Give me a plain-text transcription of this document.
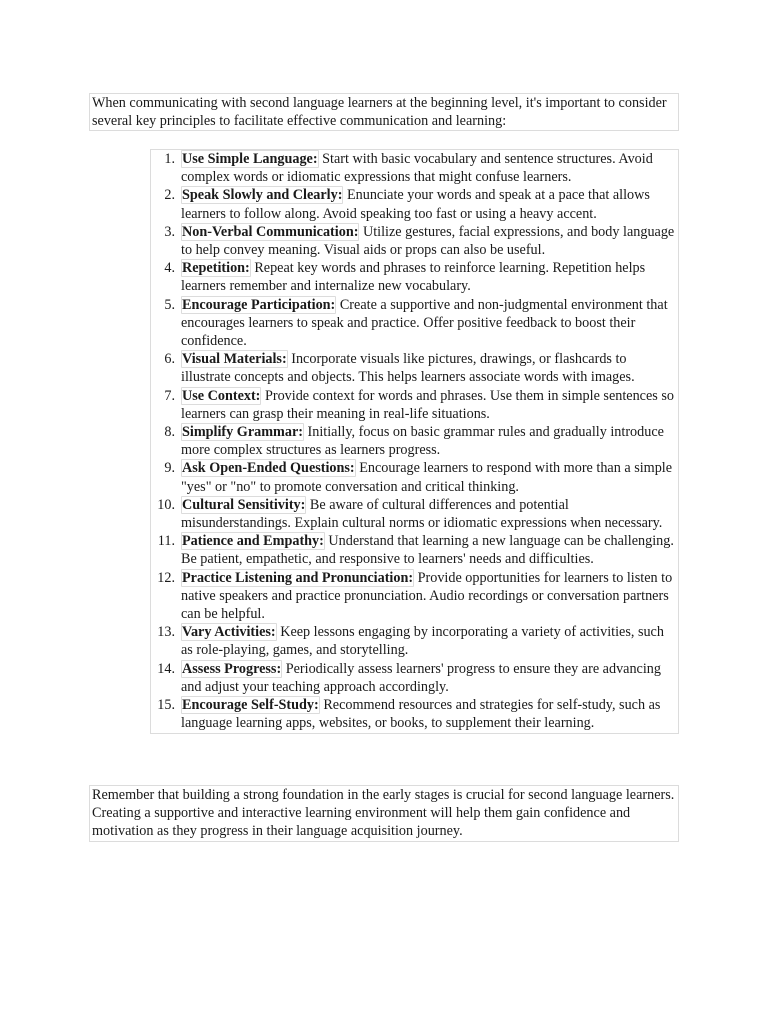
When communicating with second language learners at the beginning level, it's important to consider several key principles to facilitate effective communication and learning:

1. Use Simple Language: Start with basic vocabulary and sentence structures. Avoid complex words or idiomatic expressions that might confuse learners.
2. Speak Slowly and Clearly: Enunciate your words and speak at a pace that allows learners to follow along. Avoid speaking too fast or using a heavy accent.
3. Non-Verbal Communication: Utilize gestures, facial expressions, and body language to help convey meaning. Visual aids or props can also be useful.
4. Repetition: Repeat key words and phrases to reinforce learning. Repetition helps learners remember and internalize new vocabulary.
5. Encourage Participation: Create a supportive and non-judgmental environment that encourages learners to speak and practice. Offer positive feedback to boost their confidence.
6. Visual Materials: Incorporate visuals like pictures, drawings, or flashcards to illustrate concepts and objects. This helps learners associate words with images.
7. Use Context: Provide context for words and phrases. Use them in simple sentences so learners can grasp their meaning in real-life situations.
8. Simplify Grammar: Initially, focus on basic grammar rules and gradually introduce more complex structures as learners progress.
9. Ask Open-Ended Questions: Encourage learners to respond with more than a simple "yes" or "no" to promote conversation and critical thinking.
10. Cultural Sensitivity: Be aware of cultural differences and potential misunderstandings. Explain cultural norms or idiomatic expressions when necessary.
11. Patience and Empathy: Understand that learning a new language can be challenging. Be patient, empathetic, and responsive to learners' needs and difficulties.
12. Practice Listening and Pronunciation: Provide opportunities for learners to listen to native speakers and practice pronunciation. Audio recordings or conversation partners can be helpful.
13. Vary Activities: Keep lessons engaging by incorporating a variety of activities, such as role-playing, games, and storytelling.
14. Assess Progress: Periodically assess learners' progress to ensure they are advancing and adjust your teaching approach accordingly.
15. Encourage Self-Study: Recommend resources and strategies for self-study, such as language learning apps, websites, or books, to supplement their learning.

Remember that building a strong foundation in the early stages is crucial for second language learners. Creating a supportive and interactive learning environment will help them gain confidence and motivation as they progress in their language acquisition journey.
